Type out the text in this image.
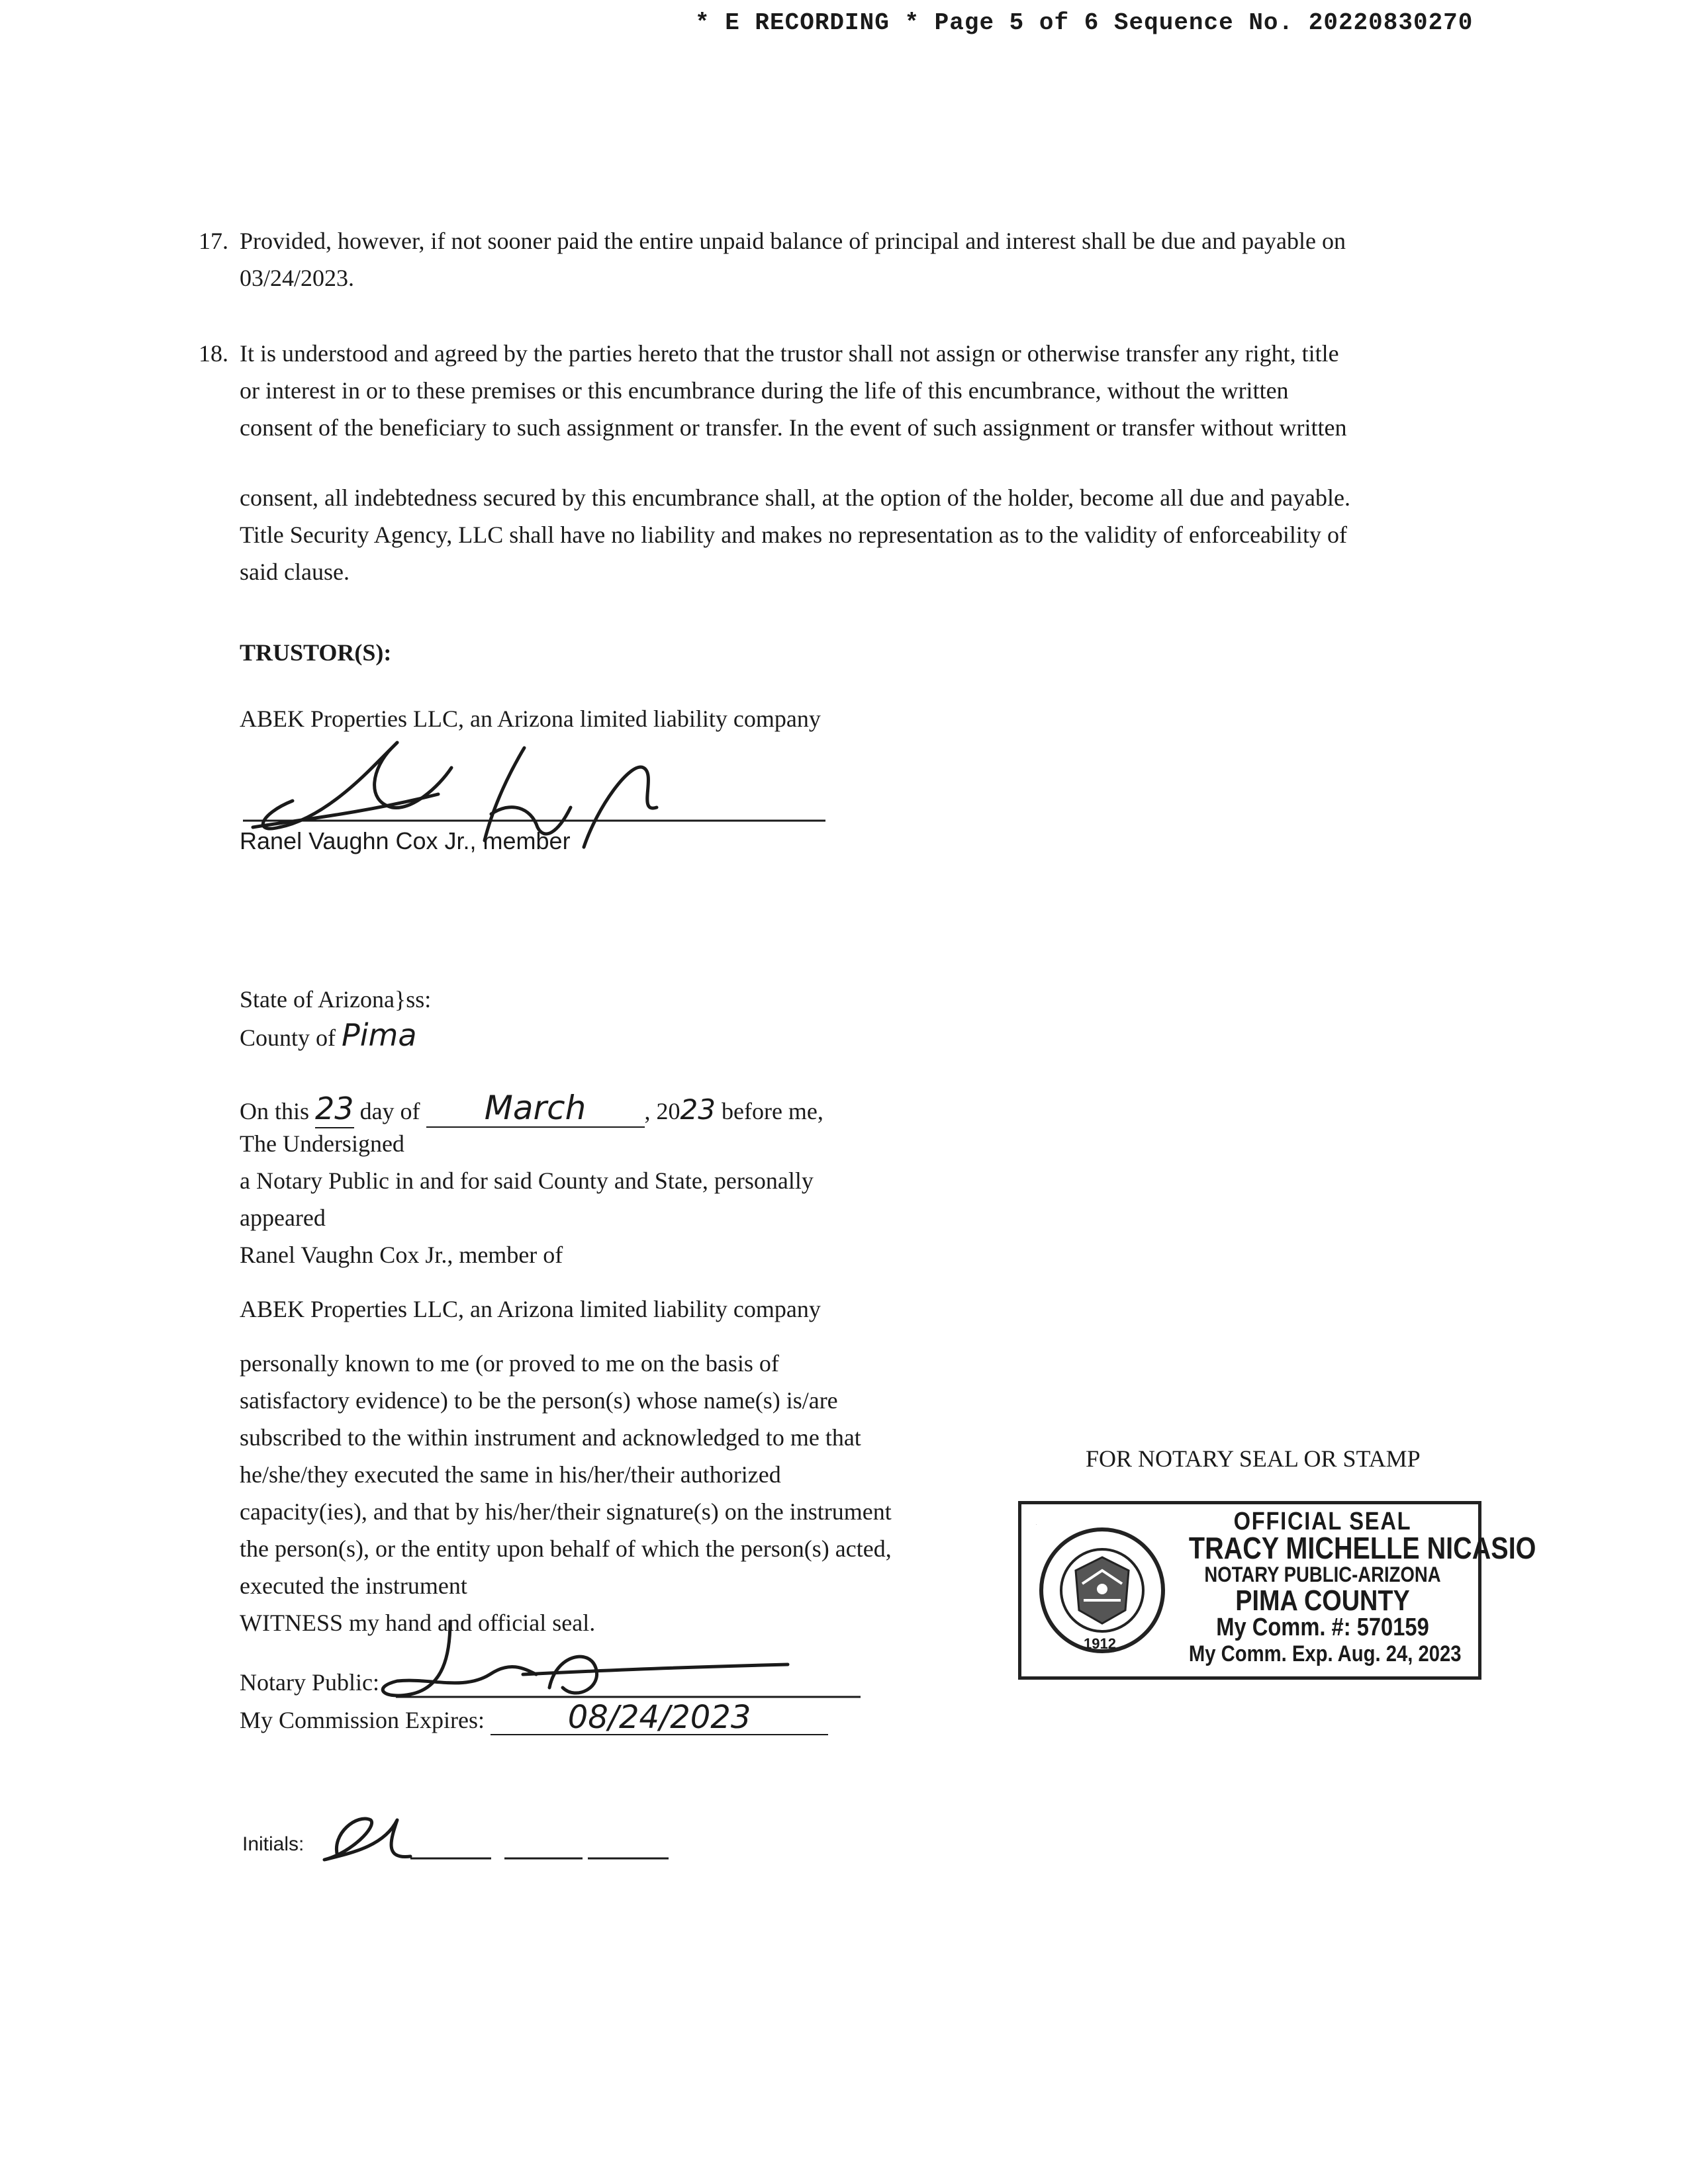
* E RECORDING * Page 5 of 6 Sequence No. 20220830270
17. Provided, however, if not sooner paid the entire unpaid balance of principal and interest shall be due and payable on
03/24/2023.
18. It is understood and agreed by the parties hereto that the trustor shall not assign or otherwise transfer any right, title
or interest in or to these premises or this encumbrance during the life of this encumbrance, without the written
consent of the beneficiary to such assignment or transfer. In the event of such assignment or transfer without written
consent, all indebtedness secured by this encumbrance shall, at the option of the holder, become all due and payable.
Title Security Agency, LLC shall have no liability and makes no representation as to the validity of enforceability of
said clause.
TRUSTOR(S):
ABEK Properties LLC, an Arizona limited liability company
Ranel Vaughn Cox Jr., member
State of Arizona}ss:
County of Pima
On this 23 day of March , 2023 before me,
The Undersigned
a Notary Public in and for said County and State, personally
appeared
Ranel Vaughn Cox Jr., member of
ABEK Properties LLC, an Arizona limited liability company
personally known to me (or proved to me on the basis of
satisfactory evidence) to be the person(s) whose name(s) is/are
subscribed to the within instrument and acknowledged to me that
he/she/they executed the same in his/her/their authorized
capacity(ies), and that by his/her/their signature(s) on the instrument
the person(s), or the entity upon behalf of which the person(s) acted,
executed the instrument
WITNESS my hand and official seal.
Notary Public:
My Commission Expires:	08/24/2023
FOR NOTARY SEAL OR STAMP
1912
OFFICIAL SEAL
TRACY MICHELLE NICASIO
NOTARY PUBLIC-ARIZONA
PIMA COUNTY
My Comm. #: 570159
My Comm. Exp. Aug. 24, 2023
Initials:
